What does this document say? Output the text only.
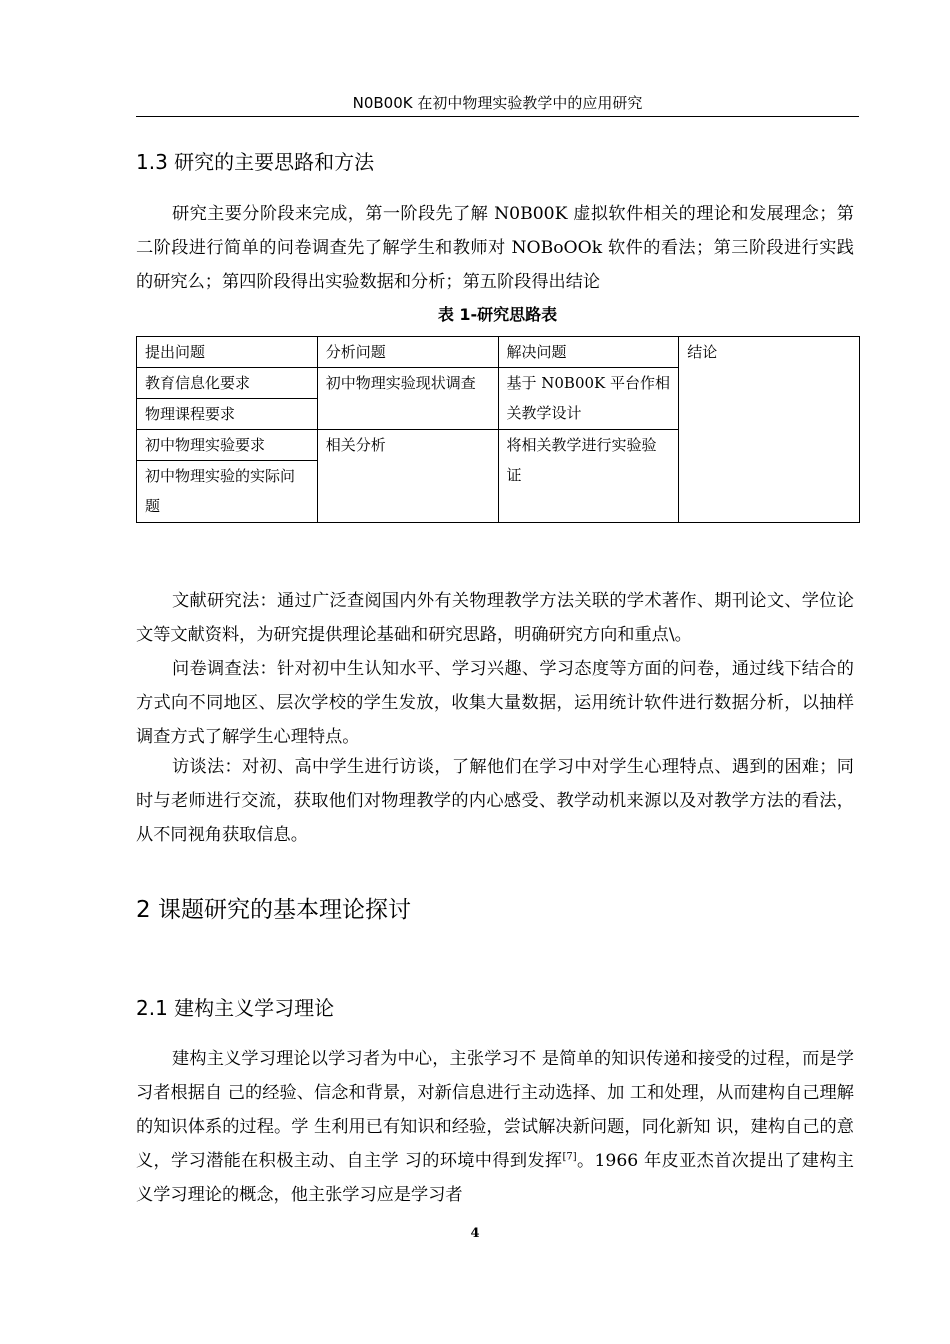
N0B00K 在初中物理实验教学中的应用研究
1.3 研究的主要思路和方法

研究主要分阶段来完成，第一阶段先了解 N0B00K 虚拟软件相关的理论和发展理念；第二阶段进行简单的问卷调查先了解学生和教师对 NOBoOOk 软件的看法；第三阶段进行实践的研究么；第四阶段得出实验数据和分析；第五阶段得出结论

表 1-研究思路表
提出问题	分析问题	解决问题	结论
教育信息化要求	初中物理实验现状调查	基于 N0B00K 平台作相关教学设计	
物理课程要求			
初中物理实验要求	相关分析	将相关教学进行实验验证	
初中物理实验的实际问题			

文献研究法：通过广泛查阅国内外有关物理教学方法关联的学术著作、期刊论文、学位论文等文献资料，为研究提供理论基础和研究思路，明确研究方向和重点\。

问卷调查法：针对初中生认知水平、学习兴趣、学习态度等方面的问卷，通过线下结合的方式向不同地区、层次学校的学生发放，收集大量数据，运用统计软件进行数据分析，以抽样调查方式了解学生心理特点。

访谈法：对初、高中学生进行访谈，了解他们在学习中对学生心理特点、遇到的困难；同时与老师进行交流，获取他们对物理教学的内心感受、教学动机来源以及对教学方法的看法，从不同视角获取信息。

2 课题研究的基本理论探讨
2.1 建构主义学习理论

建构主义学习理论以学习者为中心，主张学习不 是简单的知识传递和接受的过程，而是学习者根据自 己的经验、信念和背景，对新信息进行主动选择、加 工和处理，从而建构自己理解的知识体系的过程。学 生利用已有知识和经验，尝试解决新问题，同化新知 识，建构自己的意义，学习潜能在积极主动、自主学 习的环境中得到发挥[7]。1966 年皮亚杰首次提出了建构主义学习理论的概念，他主张学习应是学习者

4
